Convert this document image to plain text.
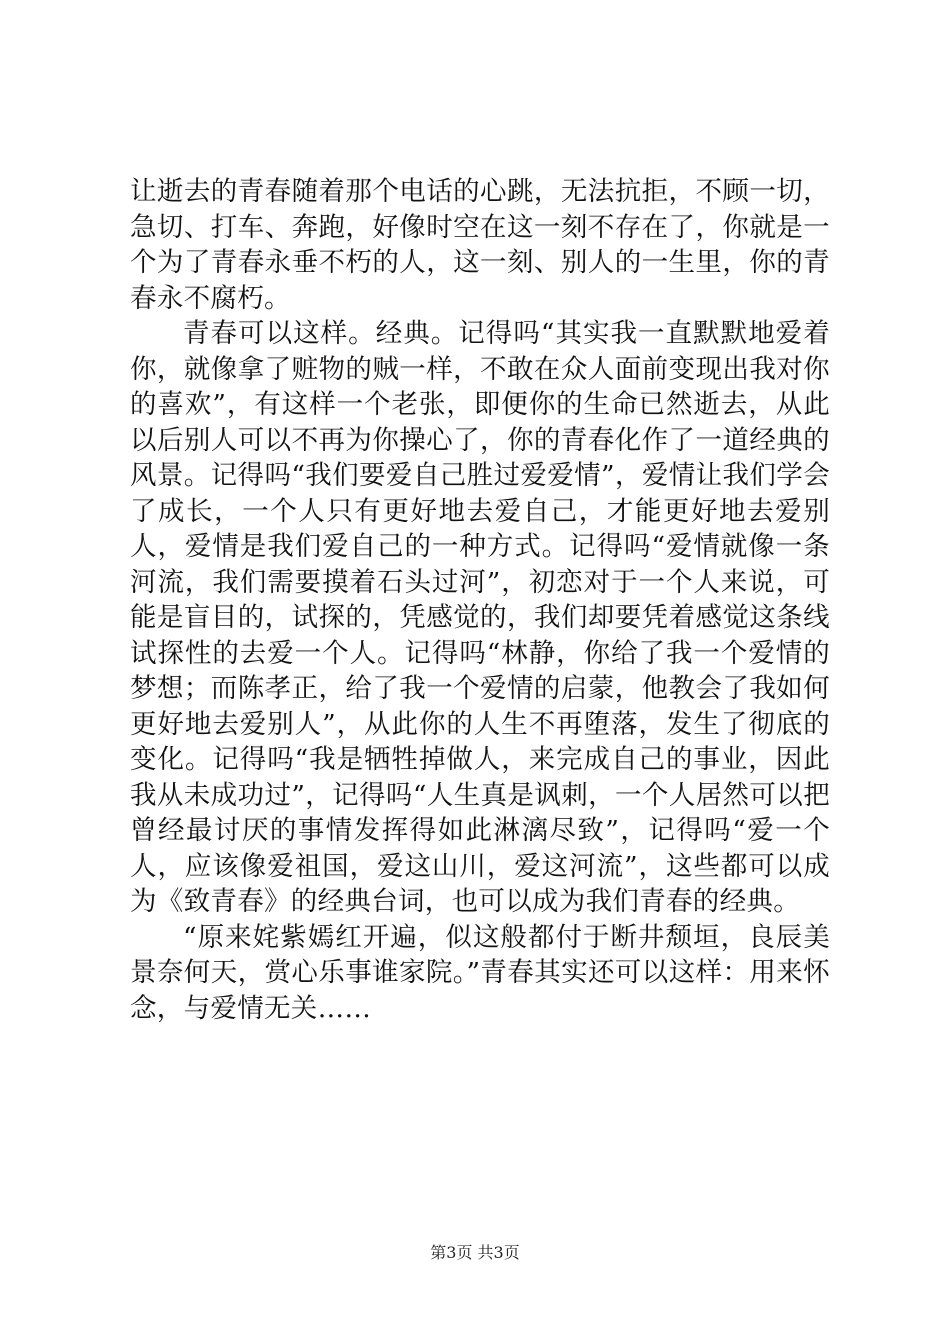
让逝去的青春随着那个电话的心跳，无法抗拒，不顾一切，急切、打车、奔跑，好像时空在这一刻不存在了，你就是一个为了青春永垂不朽的人，这一刻、别人的一生里，你的青春永不腐朽。

青春可以这样。经典。记得吗“其实我一直默默地爱着你，就像拿了赃物的贼一样，不敢在众人面前变现出我对你的喜欢”，有这样一个老张，即便你的生命已然逝去，从此以后别人可以不再为你操心了，你的青春化作了一道经典的风景。记得吗“我们要爱自己胜过爱爱情”，爱情让我们学会了成长，一个人只有更好地去爱自己，才能更好地去爱别人，爱情是我们爱自己的一种方式。记得吗“爱情就像一条河流，我们需要摸着石头过河”，初恋对于一个人来说，可能是盲目的，试探的，凭感觉的，我们却要凭着感觉这条线试探性的去爱一个人。记得吗“林静，你给了我一个爱情的梦想；而陈孝正，给了我一个爱情的启蒙，他教会了我如何更好地去爱别人”，从此你的人生不再堕落，发生了彻底的变化。记得吗“我是牺牲掉做人，来完成自己的事业，因此我从未成功过”，记得吗“人生真是讽刺，一个人居然可以把曾经最讨厌的事情发挥得如此淋漓尽致”，记得吗“爱一个人，应该像爱祖国，爱这山川，爱这河流”，这些都可以成为《致青春》的经典台词，也可以成为我们青春的经典。

“原来姹紫嫣红开遍，似这般都付于断井颓垣，良辰美景奈何天，赏心乐事谁家院。”青春其实还可以这样：用来怀念，与爱情无关……

第3页 共3页
